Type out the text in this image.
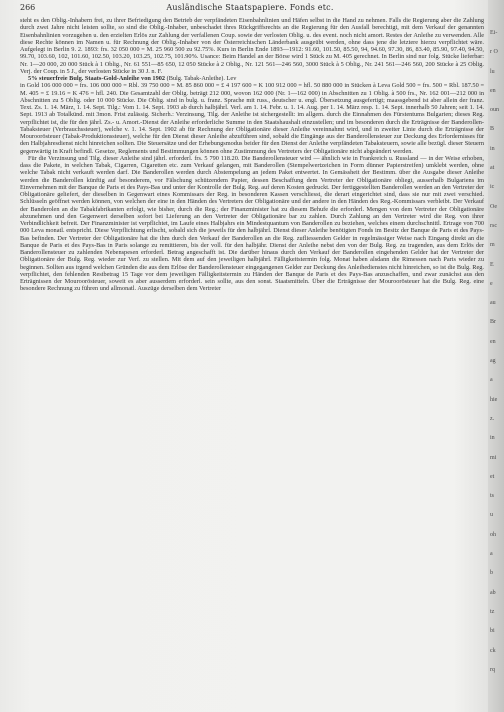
266	Ausländische Staatspapiere. Fonds etc.

steht es den Oblig.-Inhabern frei, zu ihrer Befriedigung den Betrieb der verpfändeten Eisenbahnlinien und Häfen selbst in die Hand zu nehmen. Falls die Regierung aber die Zahlung durch zwei Jahre nicht leisten sollte, so sind die Oblig.-Inhaber, unbeschadet ihres Rückgriffsrechts an die Regierung für den Ausfall berechtigt, mit dem Verkauf der genannten Eisenbahnlinien vorzugehen u. den erzielten Erlös zur Zahlung der verfallenen Coup. sowie der verlosten Oblig. u. des event. noch nicht amort. Restes der Anleihe zu verwenden. Alle diese Rechte können im Namen u. für Rechnung der Oblig.-Inhaber von der Österreichischen Länderbank ausgeübt werden, ohne dass jene die letztere hierzu verpflichtet wäre. Aufgelegt in Berlin 9. 2. 1893: frs. 32 050 000 = M. 25 960 500 zu 92.75%. Kurs in Berlin Ende 1893—1912: 91.60, 101.50, 85.50, 94, 94.60, 97.30, 86, 83.40, 85.90, 97.40, 94.50, 99.70, 103.60, 102, 101.60, 102.50, 103.20, 103.25, 102.75, 101.90%. Usance: Beim Handel an der Börse wird 1 Stück zu M. 405 gerechnet. In Berlin sind nur folg. Stücke lieferbar: Nr. 1—20 000, 20 000 Stück à 1 Oblig., Nr. 61 551—85 650, 12 050 Stücke à 2 Oblig., Nr. 121 561—246 560, 3000 Stück à 5 Oblig., Nr. 241 561—246 560, 200 Stücke à 25 Oblig. Verj. der Coup. in 5 J., der verlosten Stücke in 30 J. n. F.

5% steuerfreie Bulg. Staats-Gold-Anleihe von 1902 (Bulg. Tabak-Anleihe). Lev

in Gold 106 000 000 = frs. 106 000 000 = Rbl. 39 750 000 = M. 85 860 000 = £ 4 197 600 = K 100 912 000 = hfl. 50 880 000 in Stücken à Leva Gold 500 = frs. 500 = Rbl. 187.50 = M. 405 = £ 19.16 = K 476 = hfl. 240. Die Gesamtzahl der Oblig. beträgt 212 000, wovon 162 000 (Nr. 1—162 000) in Abschnitten zu 1 Oblig. à 500 frs., Nr. 162 001—212 000 in Abschnitten zu 5 Oblig. oder 10 000 Stücke. Die Oblig. sind in bulg. u. franz. Sprache mit russ., deutscher u. engl. Übersetzung ausgefertigt; maassgebend ist aber allein der franz. Text. Zs. 1. 14. März, 1. 14. Sept. Tilg.: Vom 1. 14. Sept. 1903 ab durch halbjährl. Verl. am 1. 14. Febr. u. 1. 14. Aug. per 1. 14. März resp. 1. 14. Sept. innerhalb 50 Jahren; seit 1. 14. Sept. 1913 ab Totalkünd. mit 3mon. Frist zulässig. Sicherh.: Verzinsung, Tilg. der Anleihe ist sichergestellt: im allgem. durch die Einnahmen des Fürstentums Bulgarien; dieses Reg. verpflichtet ist, die für den jährl. Zs.- u. Amort.-Dienst der Anleihe erforderliche Summe in den Staatshaushalt einzustellen; und im besonderen durch die Erträgnisse der Banderollen-Tabaksteuer (Verbrauchssteuer), welche v. 1. 14. Sept. 1902 ab für Rechnung der Obligationäre dieser Anleihe vereinnahmt wird, und in zweiter Linie durch die Erträgnisse der Mouroorösteuer (Tabak-Produktionssteuer), welche für den Dienst dieser Anleihe abzuführen sind, sobald die Eingänge aus der Banderollensteuer zur Deckung des Erfordernisses für den Halbjahresdienst nicht hinreichen sollten. Die Steuersätze und der Erhebungsmodus beider für den Dienst der Anleihe verpfändeten Tabaksteuern, sowie alle bezügl. dieser Steuern gegenwärtig in Kraft befindl. Gesetze, Reglements und Bestimmungen können ohne Zustimmung des Vertreters der Obligationäre nicht abgeändert werden.

Für die Verzinsung und Tilg. dieser Anleihe sind jährl. erforderl. frs. 5 790 118.20. Die Banderollensteuer wird — ähnlich wie in Frankreich u. Russland — in der Weise erhoben, dass die Pakete, in welchen Tabak, Cigarren, Cigaretten etc. zum Verkauf gelangen, mit Banderollen (Stempelwertzeichen in Form dünner Papierstreifen) umklebt werden, ohne welche Tabak nicht verkauft werden darf. Die Banderollen werden durch Abstempelung an jedem Paket entwertet. In Gemässheit der Bestimm. über die Ausgabe dieser Anleihe werden die Banderollen künftig auf besonderem, vor Fälschung schützendem Papier, dessen Beschaffung dem Vertreter der Obligationäre obliegt, ausserhalb Bulgariens im Einvernehmen mit der Banque de Paris et des Pays-Bas und unter der Kontrolle der Bulg. Reg. auf deren Kosten gedruckt. Der fertiggestellten Banderollen werden an den Vertreter der Obligationäre geliefert, der dieselben in Gegenwart eines Kommissars der Reg. in besonderen Kassen verschliesst, die derart eingerichtet sind, dass sie nur mit zwei verschied. Schlüsseln geöffnet werden können, von welchen der eine in den Händen des Vertreters der Obligationäre und der andere in den Händen des Reg.-Kommissars verbleibt. Der Verkauf der Banderolen an die Tabakfabrikanten erfolgt, wie bisher, durch die Reg.; der Finanzminister hat zu diesem Behufe die erforderl. Mengen von dem Vertreter der Obligationäre abzunehmen und den Gegenwert derselben sofort bei Lieferung an den Vertreter der Obligationäre bar zu zahlen. Durch Zahlung an den Vertreter wird die Reg. von ihrer Verbindlichkeit befreit. Der Finanzminister ist verpflichtet, im Laufe eines Halbjahrs ein Mindestquantum von Banderollen zu beziehen, welches einem durchschnittl. Ertrage von 700 000 Leva monatl. entspricht. Diese Verpflichtung erlischt, sobald sich die jeweils für den halbjährl. Dienst dieser Anleihe benötigten Fonds im Besitz der Banque de Paris et des Pays-Bas befinden. Der Vertreter der Obligationäre hat die ihm durch den Verkauf der Banderollen an die Reg. zufliessenden Gelder in regelmässiger Weise nach Eingang direkt an die Banque de Paris et des Pays-Bas in Paris solange zu remittieren, bis der voll. für den halbjähr. Dienst der Anleihe nebst den von der Bulg. Reg. zu tragenden, aus dem Erlös der Banderollensteuer zu zahlenden Nebenspesen erforderl. Betrag angeschafft ist. Die darüber hinaus durch den Verkauf der Banderollen eingehenden Gelder hat der Vertreter der Obligationäre der Bulg. Reg. wieder zur Verf. zu stellen. Mit dem auf den jeweiligen halbjährl. Fälligkeitstermin folg. Monat haben alsdann die Rimessen nach Paris wieder zu beginnen. Sollten aus irgend welchen Gründen die aus dem Erlöse der Banderollensteuer eingegangenen Gelder zur Deckung des Anleihedienstes nicht hinreichen, so ist die Bulg. Reg. verpflichtet, den fehlenden Restbetrag 15 Tage vor dem jeweiligen Fälligkeitstermin zu Händen der Banque de Paris et des Pays-Bas anzuschaffen, und zwar zunächst aus den Erträgnissen der Mouroorösteuer, soweit es aber ausserdem erforderl. sein sollte, aus den sonst. Staatsmitteln. Über die Erträgnisse der Mouroorösteuer hat die Bulg. Reg. eine besondere Rechnung zu führen und allmonatl. Auszüge derselben dem Vertreter

Ei-
r O
lu
en
oun
B
in
at
ic
Oe
rsc
m
E
e
au
Br
en
ag
a
hie
z.
in
mi
et
ts
u
oh
a
b
ab
tz
bi
ck
rq
